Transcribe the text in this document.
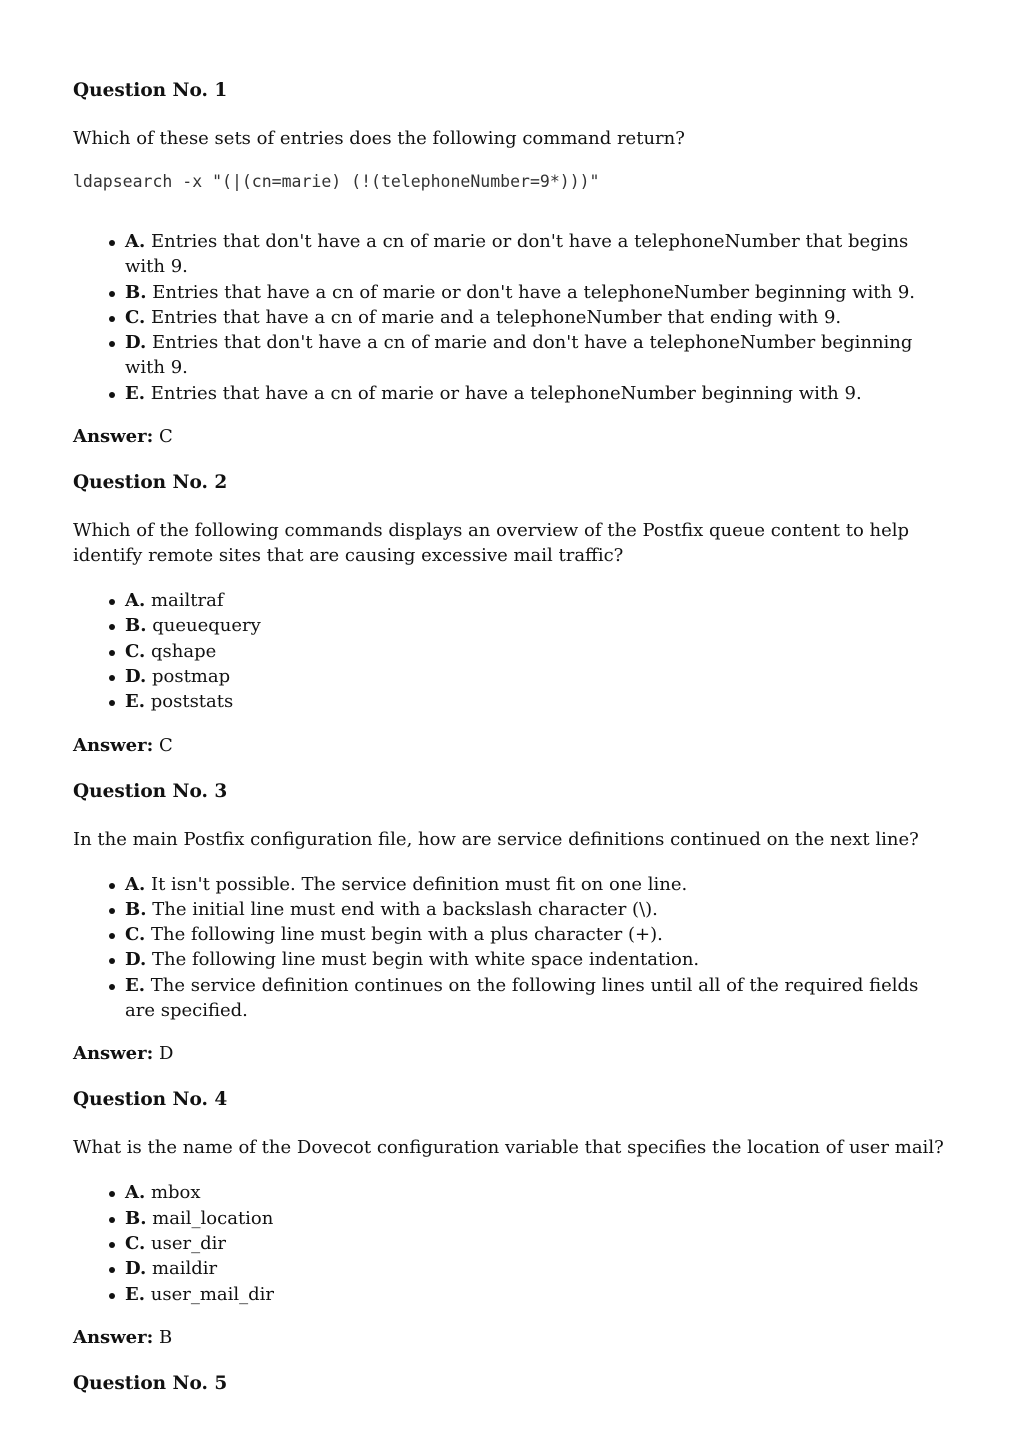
Question No. 1
Which of these sets of entries does the following command return?
ldapsearch -x "(|(cn=marie) (!(telephoneNumber=9*)))"
A. Entries that don't have a cn of marie or don't have a telephoneNumber that begins with 9.
B. Entries that have a cn of marie or don't have a telephoneNumber beginning with 9.
C. Entries that have a cn of marie and a telephoneNumber that ending with 9.
D. Entries that don't have a cn of marie and don't have a telephoneNumber beginning with 9.
E. Entries that have a cn of marie or have a telephoneNumber beginning with 9.
Answer: C
Question No. 2
Which of the following commands displays an overview of the Postfix queue content to help identify remote sites that are causing excessive mail traffic?
A. mailtraf
B. queuequery
C. qshape
D. postmap
E. poststats
Answer: C
Question No. 3
In the main Postfix configuration file, how are service definitions continued on the next line?
A. It isn't possible. The service definition must fit on one line.
B. The initial line must end with a backslash character (\).
C. The following line must begin with a plus character (+).
D. The following line must begin with white space indentation.
E. The service definition continues on the following lines until all of the required fields are specified.
Answer: D
Question No. 4
What is the name of the Dovecot configuration variable that specifies the location of user mail?
A. mbox
B. mail_location
C. user_dir
D. maildir
E. user_mail_dir
Answer: B
Question No. 5
